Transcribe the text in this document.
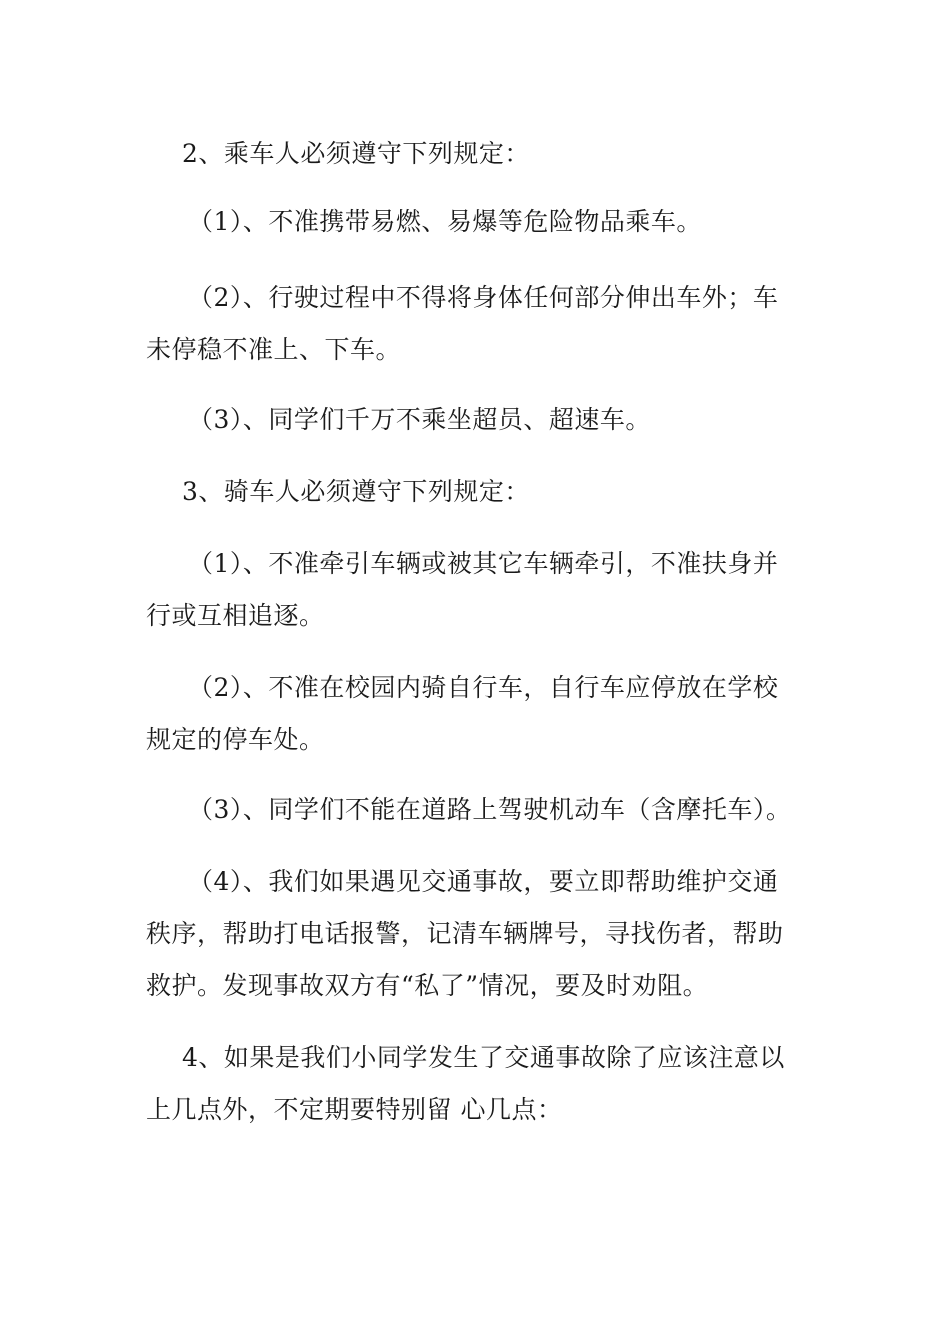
2、乘车人必须遵守下列规定：

（1）、不准携带易燃、易爆等危险物品乘车。

（2）、行驶过程中不得将身体任何部分伸出车外；车未停稳不准上、下车。

（3）、同学们千万不乘坐超员、超速车。

3、骑车人必须遵守下列规定：

（1）、不准牵引车辆或被其它车辆牵引，不准扶身并行或互相追逐。

（2）、不准在校园内骑自行车，自行车应停放在学校规定的停车处。

（3）、同学们不能在道路上驾驶机动车（含摩托车）。

（4）、我们如果遇见交通事故，要立即帮助维护交通秩序，帮助打电话报警，记清车辆牌号，寻找伤者，帮助救护。发现事故双方有“私了”情况，要及时劝阻。

4、如果是我们小同学发生了交通事故除了应该注意以上几点外，不定期要特别留 心几点：
